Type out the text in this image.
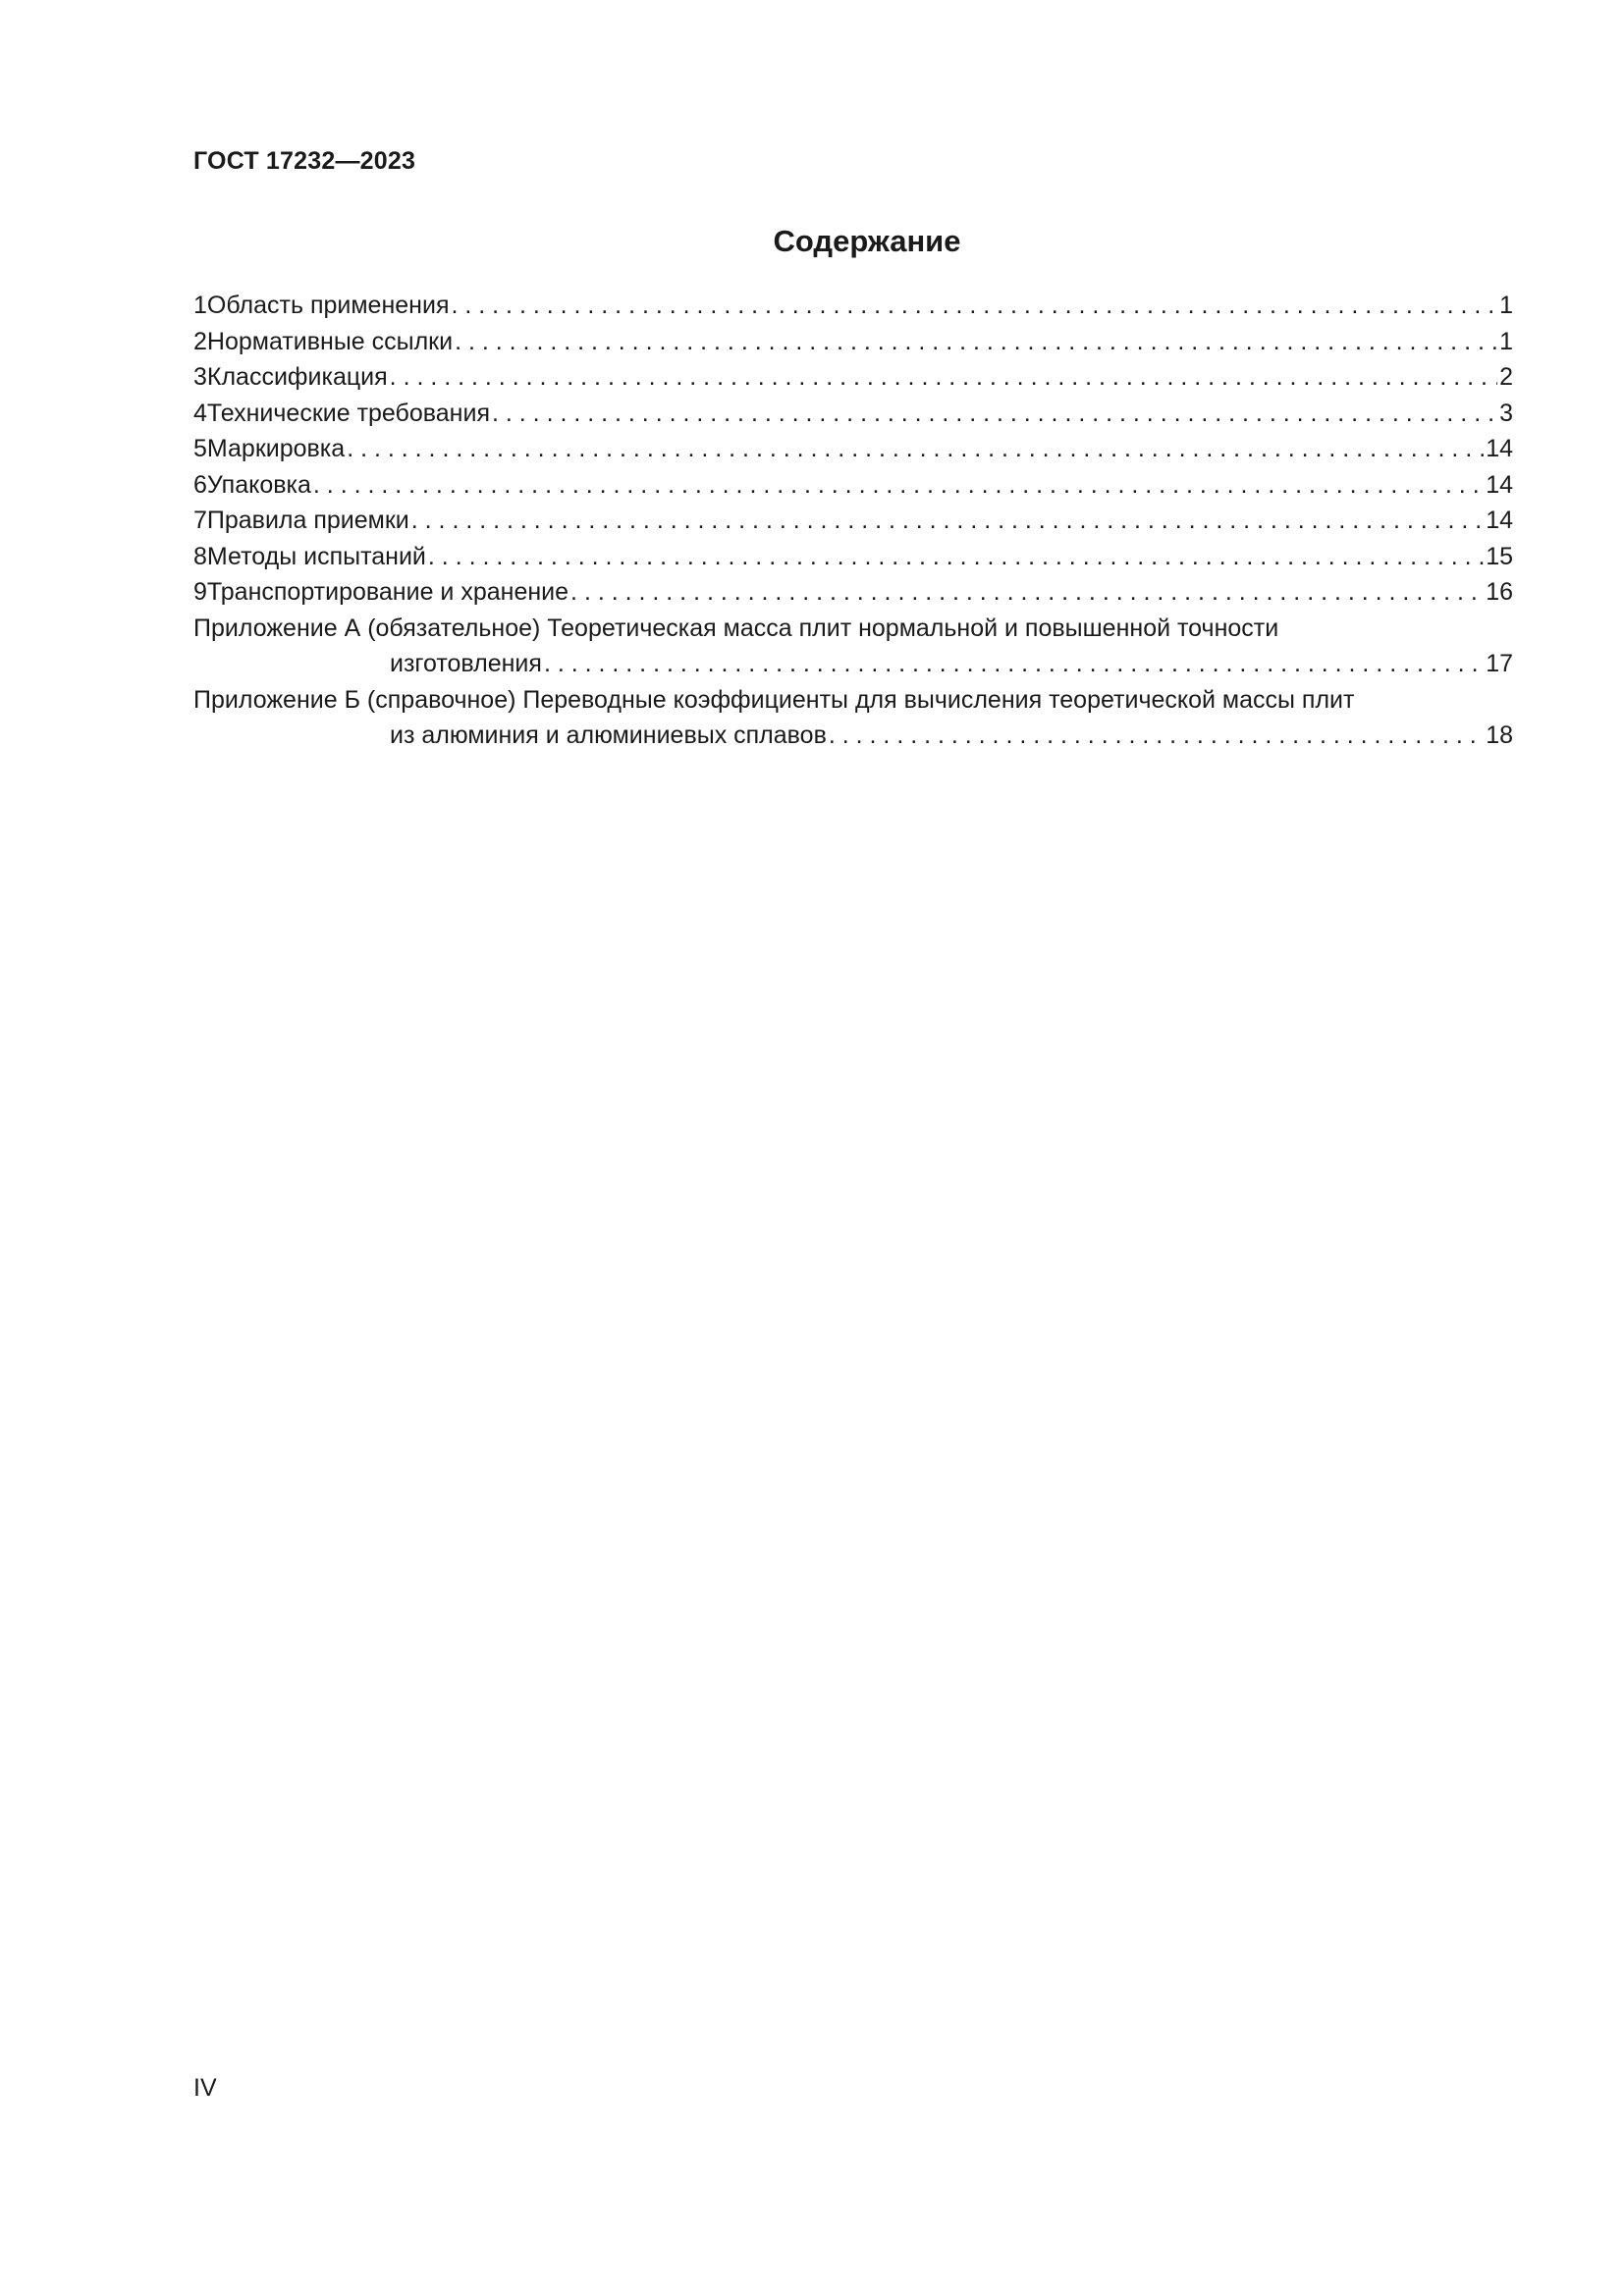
ГОСТ 17232—2023
Содержание
1 Область применения . . .	1
2 Нормативные ссылки . . .	1
3 Классификация . . .	2
4 Технические требования . . .	3
5 Маркировка . . .	14
6 Упаковка . . .	14
7 Правила приемки . . .	14
8 Методы испытаний . . .	15
9 Транспортирование и хранение . . .	16
Приложение А (обязательное) Теоретическая масса плит нормальной и повышенной точности
изготовления . . .	17
Приложение Б (справочное) Переводные коэффициенты для вычисления теоретической массы плит
из алюминия и алюминиевых сплавов . . .	18
IV
